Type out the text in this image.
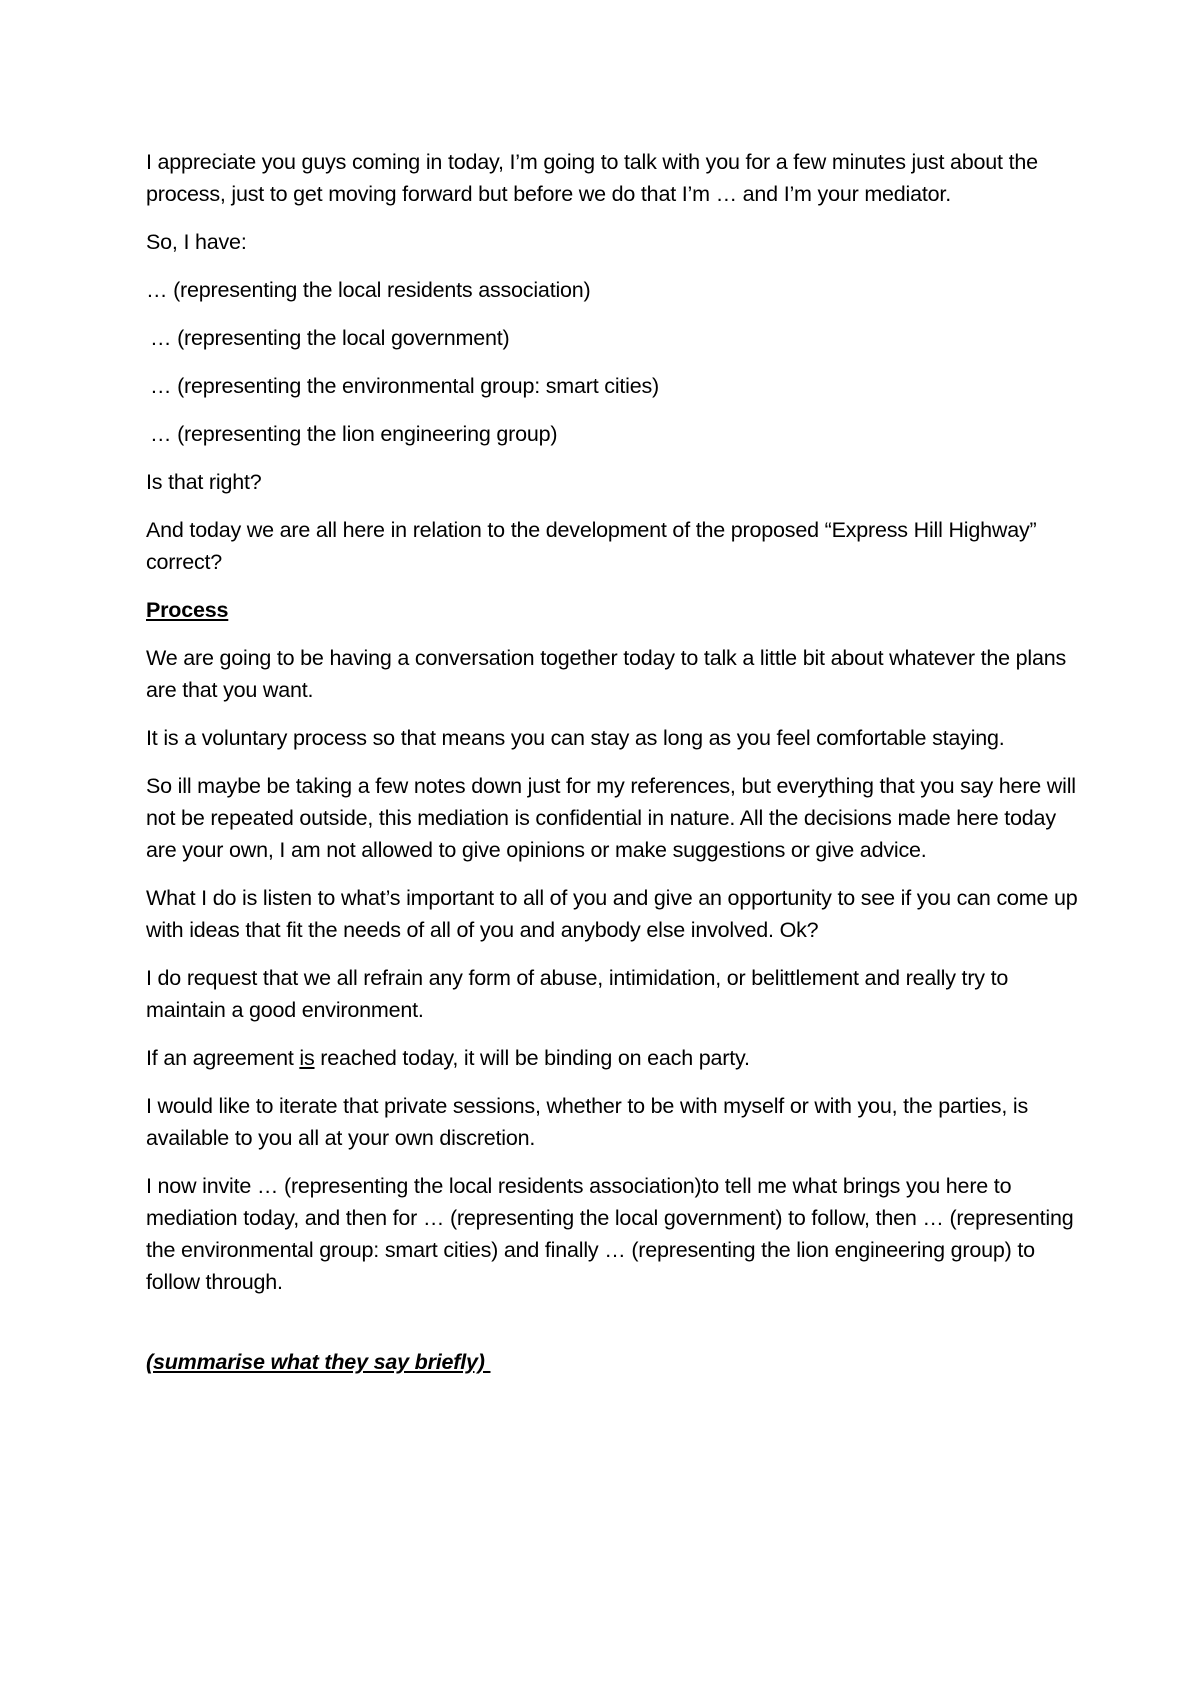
I appreciate you guys coming in today, I’m going to talk with you for a few minutes just about the process, just to get moving forward but before we do that I’m … and I’m your mediator.

So, I have:

… (representing the local residents association)

… (representing the local government)

… (representing the environmental group: smart cities)

… (representing the lion engineering group)

Is that right?

And today we are all here in relation to the development of the proposed “Express Hill Highway” correct?

Process

We are going to be having a conversation together today to talk a little bit about whatever the plans are that you want.

It is a voluntary process so that means you can stay as long as you feel comfortable staying.

So ill maybe be taking a few notes down just for my references, but everything that you say here will not be repeated outside, this mediation is confidential in nature. All the decisions made here today are your own, I am not allowed to give opinions or make suggestions or give advice.

What I do is listen to what’s important to all of you and give an opportunity to see if you can come up with ideas that fit the needs of all of you and anybody else involved. Ok?

I do request that we all refrain any form of abuse, intimidation, or belittlement and really try to maintain a good environment.

If an agreement is reached today, it will be binding on each party.

I would like to iterate that private sessions, whether to be with myself or with you, the parties, is available to you all at your own discretion.

I now invite … (representing the local residents association)to tell me what brings you here to mediation today, and then for … (representing the local government) to follow, then … (representing the environmental group: smart cities) and finally … (representing the lion engineering group) to follow through.

(summarise what they say briefly)
